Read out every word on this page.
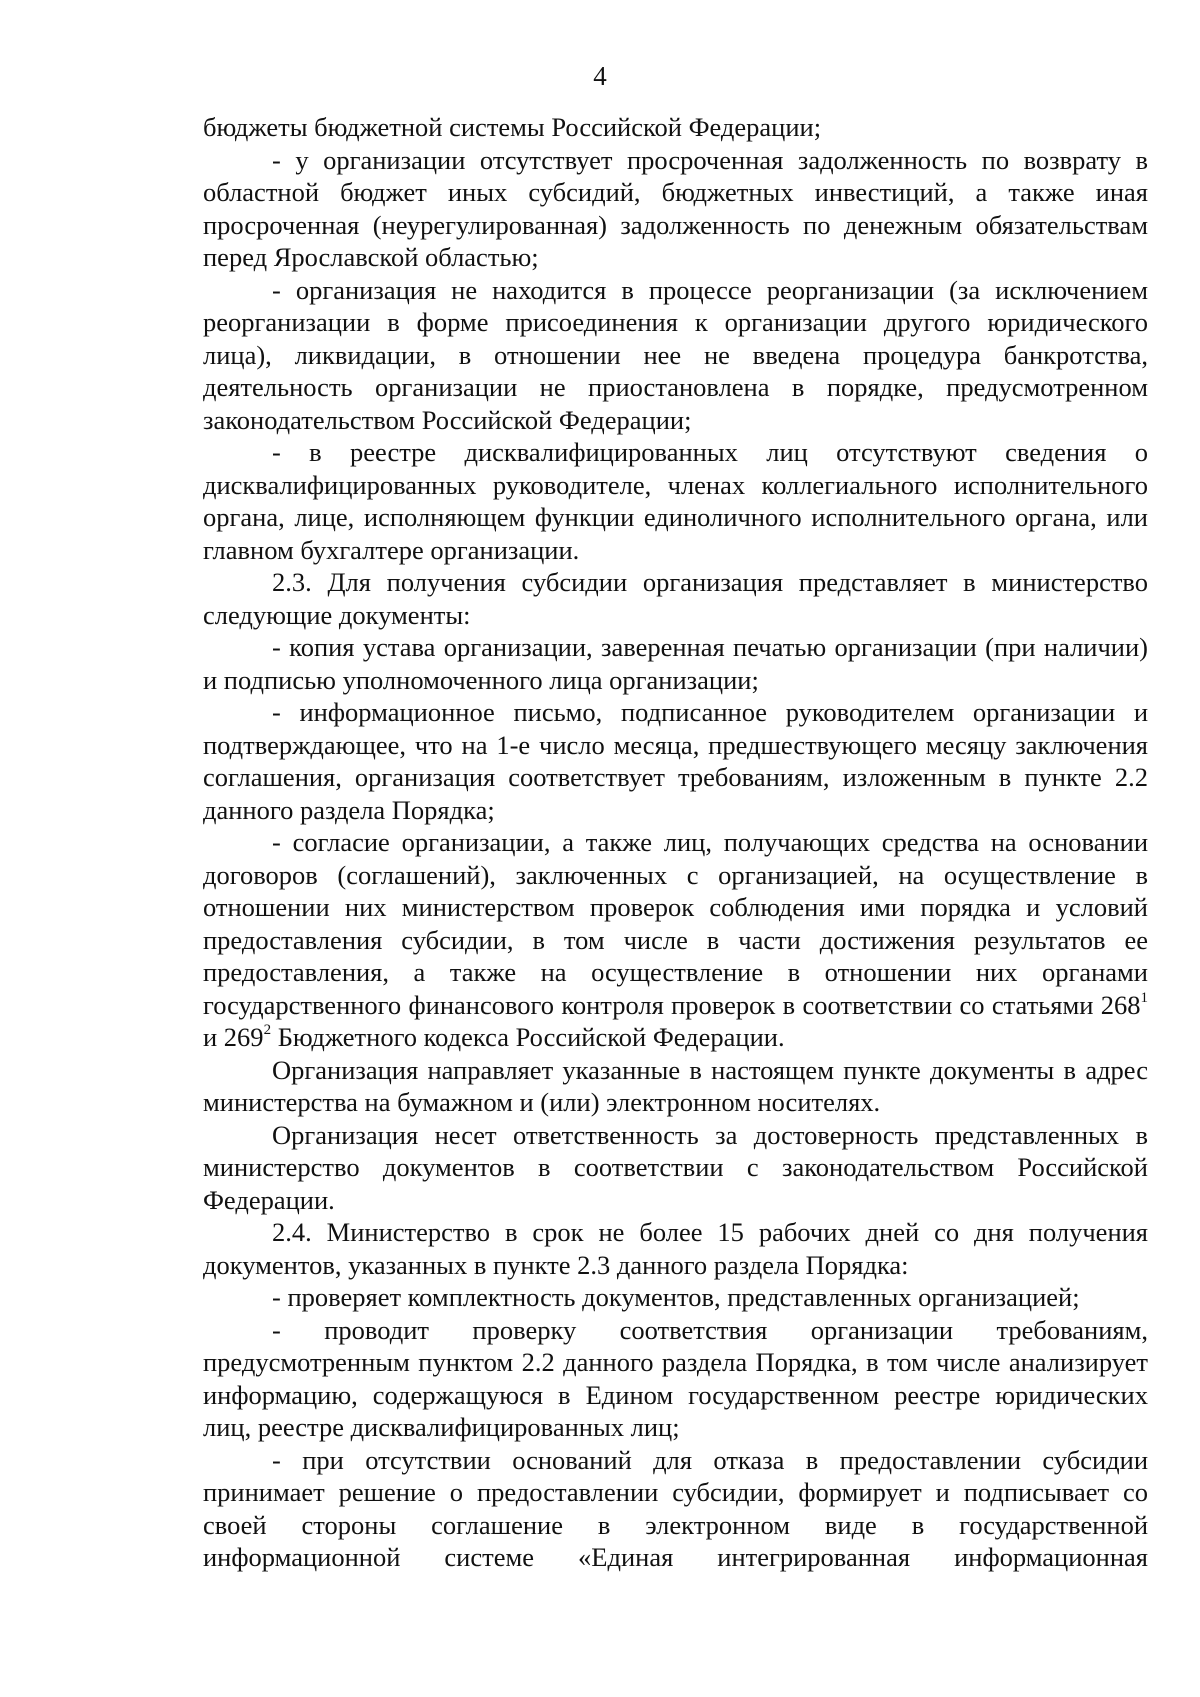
4

бюджеты бюджетной системы Российской Федерации;

- у организации отсутствует просроченная задолженность по возврату в областной бюджет иных субсидий, бюджетных инвестиций, а также иная просроченная (неурегулированная) задолженность по денежным обязательствам перед Ярославской областью;

- организация не находится в процессе реорганизации (за исключением реорганизации в форме присоединения к организации другого юридического лица), ликвидации, в отношении нее не введена процедура банкротства, деятельность организации не приостановлена в порядке, предусмотренном законодательством Российской Федерации;

- в реестре дисквалифицированных лиц отсутствуют сведения о дисквалифицированных руководителе, членах коллегиального исполнительного органа, лице, исполняющем функции единоличного исполнительного органа, или главном бухгалтере организации.

2.3. Для получения субсидии организация представляет в министерство следующие документы:

- копия устава организации, заверенная печатью организации (при наличии) и подписью уполномоченного лица организации;

- информационное письмо, подписанное руководителем организации и подтверждающее, что на 1-е число месяца, предшествующего месяцу заключения соглашения, организация соответствует требованиям, изложенным в пункте 2.2 данного раздела Порядка;

- согласие организации, а также лиц, получающих средства на основании договоров (соглашений), заключенных с организацией, на осуществление в отношении них министерством проверок соблюдения ими порядка и условий предоставления субсидии, в том числе в части достижения результатов ее предоставления, а также на осуществление в отношении них органами государственного финансового контроля проверок в соответствии со статьями $268^1$ и $269^2$ Бюджетного кодекса Российской Федерации.

Организация направляет указанные в настоящем пункте документы в адрес министерства на бумажном и (или) электронном носителях.

Организация несет ответственность за достоверность представленных в министерство документов в соответствии с законодательством Российской Федерации.

2.4. Министерство в срок не более 15 рабочих дней со дня получения документов, указанных в пункте 2.3 данного раздела Порядка:

- проверяет комплектность документов, представленных организацией;

- проводит проверку соответствия организации требованиям, предусмотренным пунктом 2.2 данного раздела Порядка, в том числе анализирует информацию, содержащуюся в Едином государственном реестре юридических лиц, реестре дисквалифицированных лиц;

- при отсутствии оснований для отказа в предоставлении субсидии принимает решение о предоставлении субсидии, формирует и подписывает со своей стороны соглашение в электронном виде в государственной информационной системе «Единая интегрированная информационная
